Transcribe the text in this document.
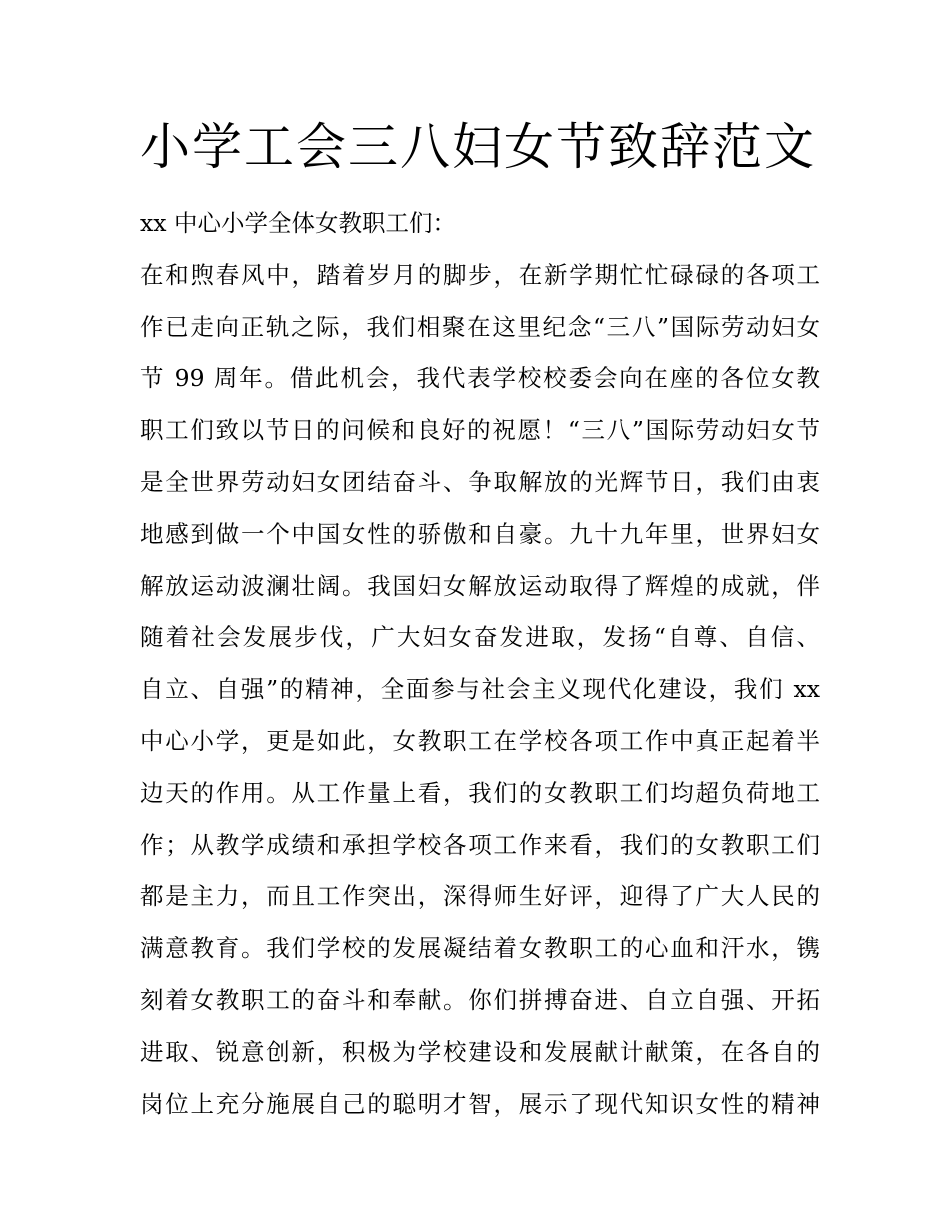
小学工会三八妇女节致辞范文
xx 中心小学全体女教职工们：
在和煦春风中，踏着岁月的脚步，在新学期忙忙碌碌的各项工
作已走向正轨之际，我们相聚在这里纪念“三八”国际劳动妇女
节 99 周年。借此机会，我代表学校校委会向在座的各位女教
职工们致以节日的问候和良好的祝愿！“三八”国际劳动妇女节
是全世界劳动妇女团结奋斗、争取解放的光辉节日，我们由衷
地感到做一个中国女性的骄傲和自豪。九十九年里，世界妇女
解放运动波澜壮阔。我国妇女解放运动取得了辉煌的成就，伴
随着社会发展步伐，广大妇女奋发进取，发扬“自尊、自信、
自立、自强”的精神，全面参与社会主义现代化建设，我们 xx
中心小学，更是如此，女教职工在学校各项工作中真正起着半
边天的作用。从工作量上看，我们的女教职工们均超负荷地工
作；从教学成绩和承担学校各项工作来看，我们的女教职工们
都是主力，而且工作突出，深得师生好评，迎得了广大人民的
满意教育。我们学校的发展凝结着女教职工的心血和汗水，镌
刻着女教职工的奋斗和奉献。你们拼搏奋进、自立自强、开拓
进取、锐意创新，积极为学校建设和发展献计献策，在各自的
岗位上充分施展自己的聪明才智，展示了现代知识女性的精神
